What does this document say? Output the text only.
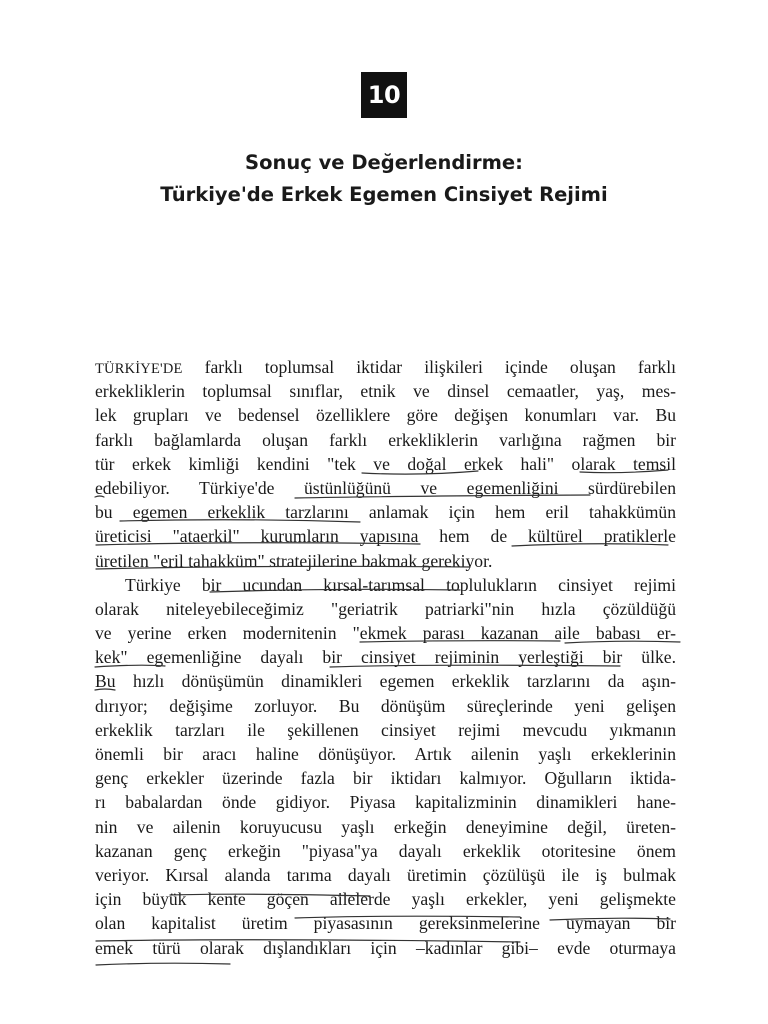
10
Sonuç ve Değerlendirme:
Türkiye'de Erkek Egemen Cinsiyet Rejimi
TÜRKİYE'DE farklı toplumsal iktidar ilişkileri içinde oluşan farklı
erkekliklerin toplumsal sınıflar, etnik ve dinsel cemaatler, yaş, mes-
lek grupları ve bedensel özelliklere göre değişen konumları var. Bu
farklı bağlamlarda oluşan farklı erkekliklerin varlığına rağmen bir
tür erkek kimliği kendini "tek ve doğal erkek hali" olarak temsil
edebiliyor. Türkiye'de üstünlüğünü ve egemenliğini sürdürebilen
bu egemen erkeklik tarzlarını anlamak için hem eril tahakkümün
üreticisi "ataerkil" kurumların yapısına hem de kültürel pratiklerle
üretilen "eril tahakküm" stratejilerine bakmak gerekiyor.
Türkiye bir ucundan kırsal-tarımsal toplulukların cinsiyet rejimi
olarak niteleyebileceğimiz "geriatrik patriarki"nin hızla çözüldüğü
ve yerine erken modernitenin "ekmek parası kazanan aile babası er-
kek" egemenliğine dayalı bir cinsiyet rejiminin yerleştiği bir ülke.
Bu hızlı dönüşümün dinamikleri egemen erkeklik tarzlarını da aşın-
dırıyor; değişime zorluyor. Bu dönüşüm süreçlerinde yeni gelişen
erkeklik tarzları ile şekillenen cinsiyet rejimi mevcudu yıkmanın
önemli bir aracı haline dönüşüyor. Artık ailenin yaşlı erkeklerinin
genç erkekler üzerinde fazla bir iktidarı kalmıyor. Oğulların iktida-
rı babalardan önde gidiyor. Piyasa kapitalizminin dinamikleri hane-
nin ve ailenin koruyucusu yaşlı erkeğin deneyimine değil, üreten-
kazanan genç erkeğin "piyasa"ya dayalı erkeklik otoritesine önem
veriyor. Kırsal alanda tarıma dayalı üretimin çözülüşü ile iş bulmak
için büyük kente göçen ailelerde yaşlı erkekler, yeni gelişmekte
olan kapitalist üretim piyasasının gereksinmelerine uymayan bir
emek türü olarak dışlandıkları için –kadınlar gibi– evde oturmaya
